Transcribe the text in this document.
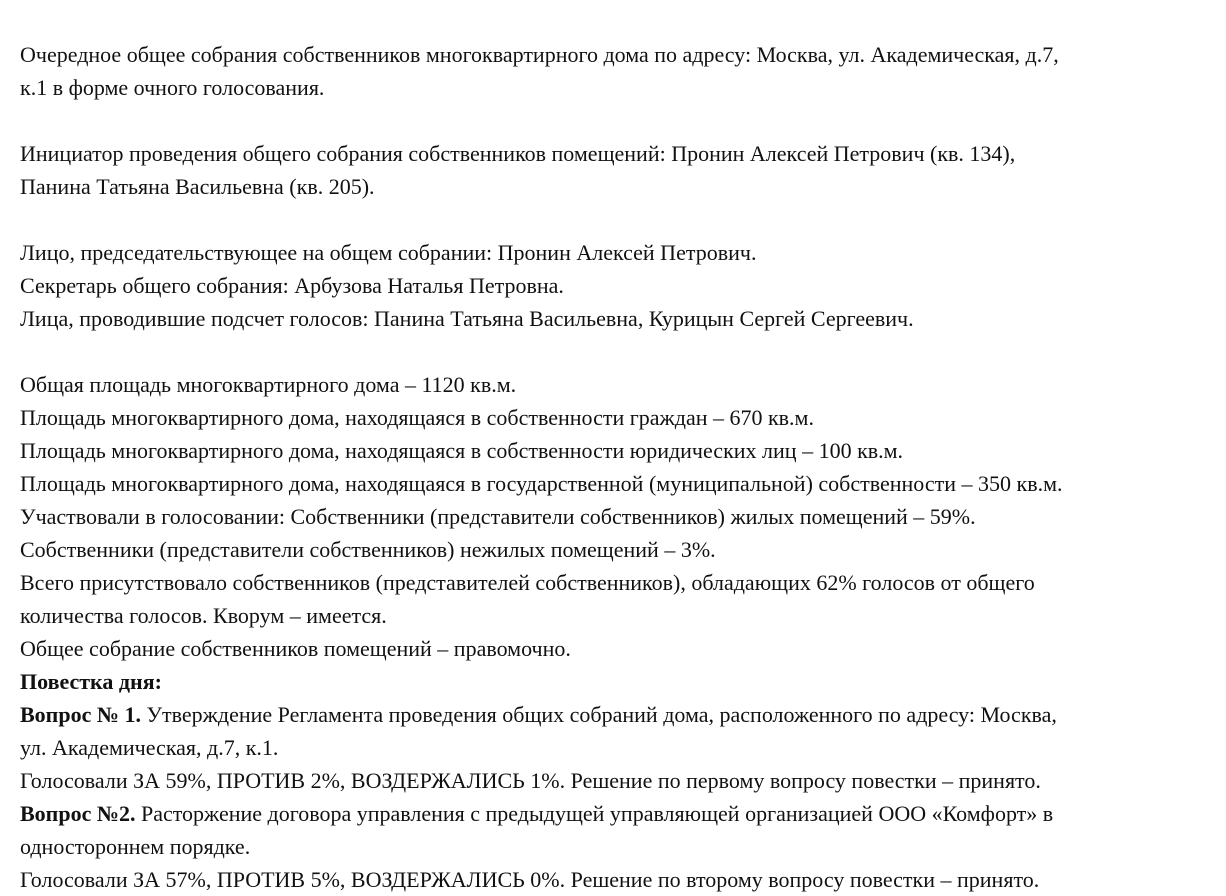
Очередное общее собрания собственников многоквартирного дома по адресу: Москва, ул. Академическая, д.7,
к.1 в форме очного голосования.
Инициатор проведения общего собрания собственников помещений: Пронин Алексей Петрович (кв. 134),
Панина Татьяна Васильевна (кв. 205).
Лицо, председательствующее на общем собрании: Пронин Алексей Петрович.
Секретарь общего собрания: Арбузова Наталья Петровна.
Лица, проводившие подсчет голосов: Панина Татьяна Васильевна, Курицын Сергей Сергеевич.
Общая площадь многоквартирного дома – 1120 кв.м.
Площадь многоквартирного дома, находящаяся в собственности граждан – 670 кв.м.
Площадь многоквартирного дома, находящаяся в собственности юридических лиц – 100 кв.м.
Площадь многоквартирного дома, находящаяся в государственной (муниципальной) собственности – 350 кв.м.
Участвовали в голосовании: Собственники (представители собственников) жилых помещений – 59%.
Собственники (представители собственников) нежилых помещений – 3%.
Всего присутствовало собственников (представителей собственников), обладающих 62% голосов от общего
количества голосов. Кворум – имеется.
Общее собрание собственников помещений – правомочно.
Повестка дня:
Вопрос № 1. Утверждение Регламента проведения общих собраний дома, расположенного по адресу: Москва,
ул. Академическая, д.7, к.1.
Голосовали ЗА 59%, ПРОТИВ 2%, ВОЗДЕРЖАЛИСЬ 1%. Решение по первому вопросу повестки – принято.
Вопрос №2. Расторжение договора управления с предыдущей управляющей организацией ООО «Комфорт» в
одностороннем порядке.
Голосовали ЗА 57%, ПРОТИВ 5%, ВОЗДЕРЖАЛИСЬ 0%. Решение по второму вопросу повестки – принято.
